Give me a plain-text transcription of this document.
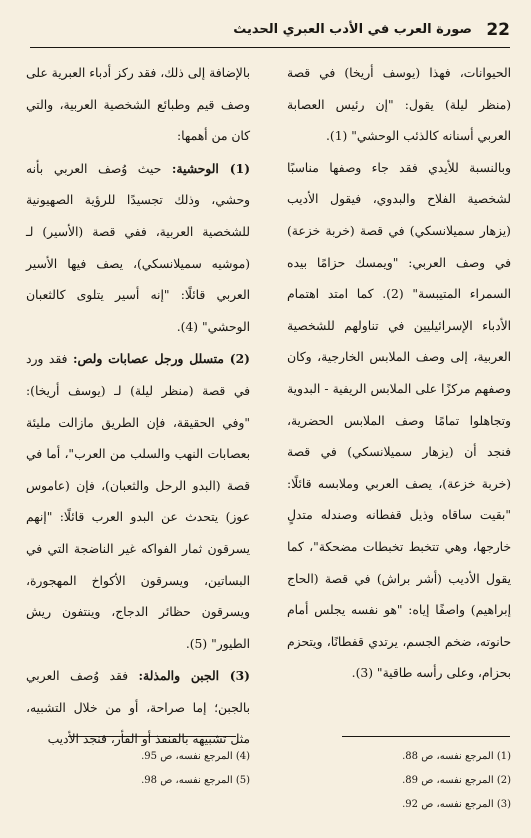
22
صورة العرب في الأدب العبري الحديث

الحيوانات، فهذا (يوسف أريخا) في قصة (منظر ليلة) يقول: "إن رئيس العصابة العربي أسنانه كالذئب الوحشي" (1).

وبالنسبة للأيدي فقد جاء وصفها مناسبًا لشخصية الفلاح والبدوي، فيقول الأديب (يزهار سميلانسكي) في قصة (خربة خزعة) في وصف العربي: "ويمسك حزامًا بيده السمراء المتيبسة" (2). كما امتد اهتمام الأدباء الإسرائيليين في تناولهم للشخصية العربية، إلى وصف الملابس الخارجية، وكان وصفهم مركزًا على الملابس الريفية - البدوية وتجاهلوا تمامًا وصف الملابس الحضرية، فنجد أن (يزهار سميلانسكي) في قصة (خربة خزعة)، يصف العربي وملابسه قائلًا: "بقيت ساقاه وذيل قفطانه وصندله متدلٍ خارجها، وهي تتخبط تخبطات مضحكة"، كما يقول الأديب (أشر براش) في قصة (الحاج إبراهيم) واصفًا إياه: "هو نفسه يجلس أمام حانوته، ضخم الجسم، يرتدي قفطانًا، ويتحزم بحزام، وعلى رأسه طاقية" (3).

بالإضافة إلى ذلك، فقد ركز أدباء العبرية على وصف قيم وطبائع الشخصية العربية، والتي كان من أهمها:

(1) الوحشية: حيث وُصف العربي بأنه وحشي، وذلك تجسيدًا للرؤية الصهيونية للشخصية العربية، ففي قصة (الأسير) لـ (موشيه سميلانسكي)، يصف فيها الأسير العربي قائلًا: "إنه أسير يتلوى كالثعبان الوحشي" (4).

(2) متسلل ورجل عصابات ولص: فقد ورد في قصة (منظر ليلة) لـ (يوسف أريخا): "وفي الحقيقة، فإن الطريق مازالت مليئة بعصابات النهب والسلب من العرب"، أما في قصة (البدو الرحل والثعبان)، فإن (عاموس عوز) يتحدث عن البدو العرب قائلًا: "إنهم يسرقون ثمار الفواكه غير الناضجة التي في البساتين، ويسرقون الأكواخ المهجورة، ويسرقون حظائر الدجاج، وينتفون ريش الطيور" (5).

(3) الجبن والمذلة: فقد وُصف العربي بالجبن؛ إما صراحة، أو من خلال التشبيه، مثل تشبيهه بالقنفذ أو الفأر، فنجد الأديب

(1) المرجع نفسه، ص 88.
(2) المرجع نفسه، ص 89.
(3) المرجع نفسه، ص 92.
(4) المرجع نفسه، ص 95.
(5) المرجع نفسه، ص 98.
